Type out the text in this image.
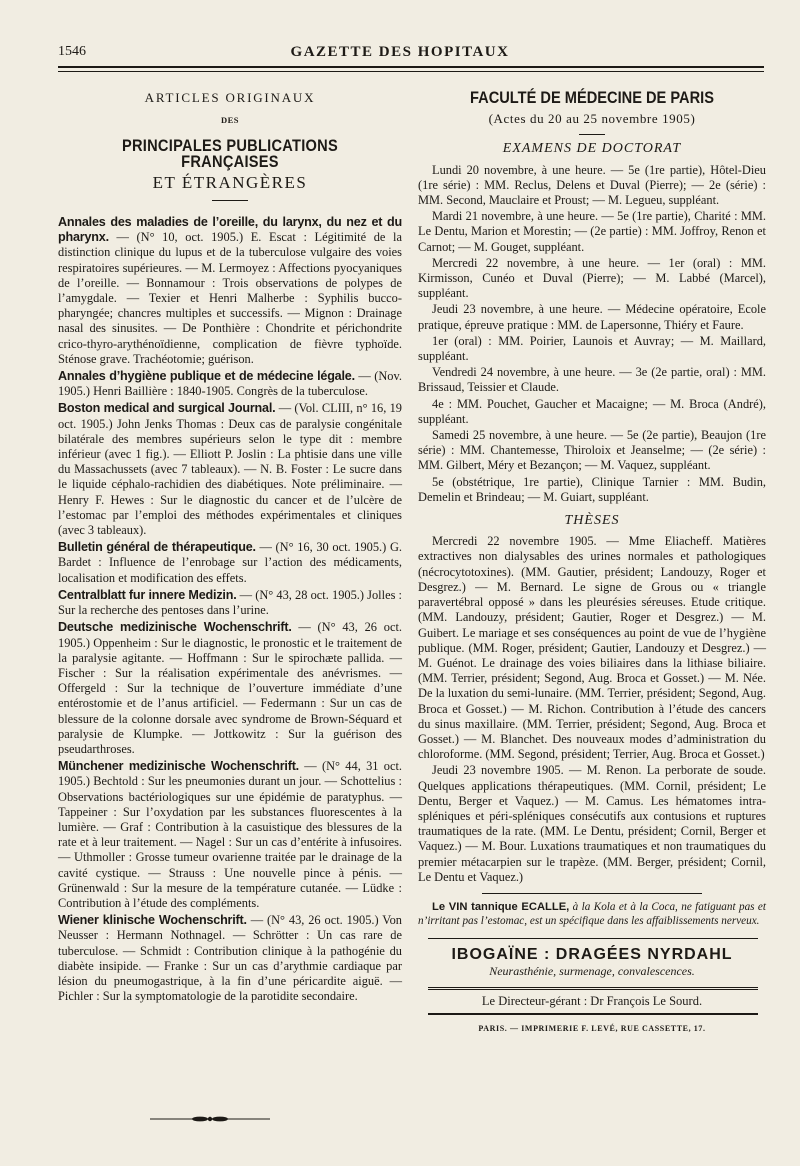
1546	GAZETTE DES HOPITAUX
ARTICLES ORIGINAUX
DES
PRINCIPALES PUBLICATIONS FRANÇAISES
ET ÉTRANGÈRES
Annales des maladies de l’oreille, du larynx, du nez et du pharynx. — (N° 10, oct. 1905.) E. Escat : Légitimité de la distinction clinique du lupus et de la tuberculose vulgaire des voies respiratoires supérieures. — M. Lermoyez : Affections pyocyaniques de l’oreille. — Bonnamour : Trois observations de polypes de l’amygdale. — Texier et Henri Malherbe : Syphilis bucco-pharyngée; chancres multiples et successifs. — Mignon : Drainage nasal des sinusites. — De Ponthière : Chondrite et périchondrite crico-thyro-arythénoïdienne, complication de fièvre typhoïde. Sténose grave. Trachéotomie; guérison.
Annales d’hygiène publique et de médecine légale. — (Nov. 1905.) Henri Baillière : 1840-1905. Congrès de la tuberculose.
Boston medical and surgical Journal. — (Vol. CLIII, n° 16, 19 oct. 1905.) John Jenks Thomas : Deux cas de paralysie congénitale bilatérale des membres supérieurs selon le type dit : membre inférieur (avec 1 fig.). — Elliott P. Joslin : La phtisie dans une ville du Massachussets (avec 7 tableaux). — N. B. Foster : Le sucre dans le liquide céphalo-rachidien des diabétiques. Note préliminaire. — Henry F. Hewes : Sur le diagnostic du cancer et de l’ulcère de l’estomac par l’emploi des méthodes expérimentales et cliniques (avec 3 tableaux).
Bulletin général de thérapeutique. — (N° 16, 30 oct. 1905.) G. Bardet : Influence de l’enrobage sur l’action des médicaments, localisation et modification des effets.
Centralblatt fur innere Medizin. — (N° 43, 28 oct. 1905.) Jolles : Sur la recherche des pentoses dans l’urine.
Deutsche medizinische Wochenschrift. — (N° 43, 26 oct. 1905.) Oppenheim : Sur le diagnostic, le pronostic et le traitement de la paralysie agitante. — Hoffmann : Sur le spirochæte pallida. — Fischer : Sur la réalisation expérimentale des anévrismes. — Offergeld : Sur la technique de l’ouverture immédiate d’une entérostomie et de l’anus artificiel. — Federmann : Sur un cas de blessure de la colonne dorsale avec syndrome de Brown-Séquard et paralysie de Klumpke. — Jottkowitz : Sur la guérison des pseudarthroses.
Münchener medizinische Wochenschrift. — (N° 44, 31 oct. 1905.) Bechtold : Sur les pneumonies durant un jour. — Schottelius : Observations bactériologiques sur une épidémie de paratyphus. — Tappeiner : Sur l’oxydation par les substances fluorescentes à la lumière. — Graf : Contribution à la casuistique des blessures de la rate et à leur traitement. — Nagel : Sur un cas d’entérite à infusoires. — Uthmoller : Grosse tumeur ovarienne traitée par le drainage de la cavité cystique. — Strauss : Une nouvelle pince à pénis. — Grünenwald : Sur la mesure de la température cutanée. — Lüdke : Contribution à l’étude des compléments.
Wiener klinische Wochenschrift. — (N° 43, 26 oct. 1905.) Von Neusser : Hermann Nothnagel. — Schrötter : Un cas rare de tuberculose. — Schmidt : Contribution clinique à la pathogénie du diabète insipide. — Franke : Sur un cas d’arythmie cardiaque par lésion du pneumogastrique, à la fin d’une péricardite aiguë. — Pichler : Sur la symptomatologie de la parotidite secondaire.
FACULTÉ DE MÉDECINE DE PARIS
(Actes du 20 au 25 novembre 1905)
EXAMENS DE DOCTORAT

Lundi 20 novembre, à une heure. — 5e (1re partie), Hôtel-Dieu (1re série) : MM. Reclus, Delens et Duval (Pierre); — 2e (série) : MM. Second, Mauclaire et Proust; — M. Legueu, suppléant.

Mardi 21 novembre, à une heure. — 5e (1re partie), Charité : MM. Le Dentu, Marion et Morestin; — (2e partie) : MM. Joffroy, Renon et Carnot; — M. Gouget, suppléant.

Mercredi 22 novembre, à une heure. — 1er (oral) : MM. Kirmisson, Cunéo et Duval (Pierre); — M. Labbé (Marcel), suppléant.

Jeudi 23 novembre, à une heure. — Médecine opératoire, Ecole pratique, épreuve pratique : MM. de Lapersonne, Thiéry et Faure.

1er (oral) : MM. Poirier, Launois et Auvray; — M. Maillard, suppléant.

Vendredi 24 novembre, à une heure. — 3e (2e partie, oral) : MM. Brissaud, Teissier et Claude.

4e : MM. Pouchet, Gaucher et Macaigne; — M. Broca (André), suppléant.

Samedi 25 novembre, à une heure. — 5e (2e partie), Beaujon (1re série) : MM. Chantemesse, Thiroloix et Jeanselme; — (2e série) : MM. Gilbert, Méry et Bezançon; — M. Vaquez, suppléant.

5e (obstétrique, 1re partie), Clinique Tarnier : MM. Budin, Demelin et Brindeau; — M. Guiart, suppléant.

THÈSES

Mercredi 22 novembre 1905. — Mme Eliacheff. Matières extractives non dialysables des urines normales et pathologiques (nécrocytotoxines). (MM. Gautier, président; Landouzy, Roger et Desgrez.) — M. Bernard. Le signe de Grous ou « triangle paravertébral opposé » dans les pleurésies séreuses. Etude critique. (MM. Landouzy, président; Gautier, Roger et Desgrez.) — M. Guibert. Le mariage et ses conséquences au point de vue de l’hygiène publique. (MM. Roger, président; Gautier, Landouzy et Desgrez.) — M. Guénot. Le drainage des voies biliaires dans la lithiase biliaire. (MM. Terrier, président; Segond, Aug. Broca et Gosset.) — M. Née. De la luxation du semi-lunaire. (MM. Terrier, président; Segond, Aug. Broca et Gosset.) — M. Richon. Contribution à l’étude des cancers du sinus maxillaire. (MM. Terrier, président; Segond, Aug. Broca et Gosset.) — M. Blanchet. Des nouveaux modes d’administration du chloroforme. (MM. Segond, président; Terrier, Aug. Broca et Gosset.)

Jeudi 23 novembre 1905. — M. Renon. La perborate de soude. Quelques applications thérapeutiques. (MM. Cornil, président; Le Dentu, Berger et Vaquez.) — M. Camus. Les hématomes intra-spléniques et péri-spléniques consécutifs aux contusions et ruptures traumatiques de la rate. (MM. Le Dentu, président; Cornil, Berger et Vaquez.) — M. Bour. Luxations traumatiques et non traumatiques du premier métacarpien sur le trapèze. (MM. Berger, président; Cornil, Le Dentu et Vaquez.)

Le VIN tannique ECALLE, à la Kola et à la Coca, ne fatiguant pas et n’irritant pas l’estomac, est un spécifique dans les affaiblissements nerveux.

IBOGAÏNE : DRAGÉES NYRDAHL
Neurasthénie, surmenage, convalescences.
Le Directeur-gérant : Dr François Le Sourd.
PARIS. — IMPRIMERIE F. LEVÉ, RUE CASSETTE, 17.
